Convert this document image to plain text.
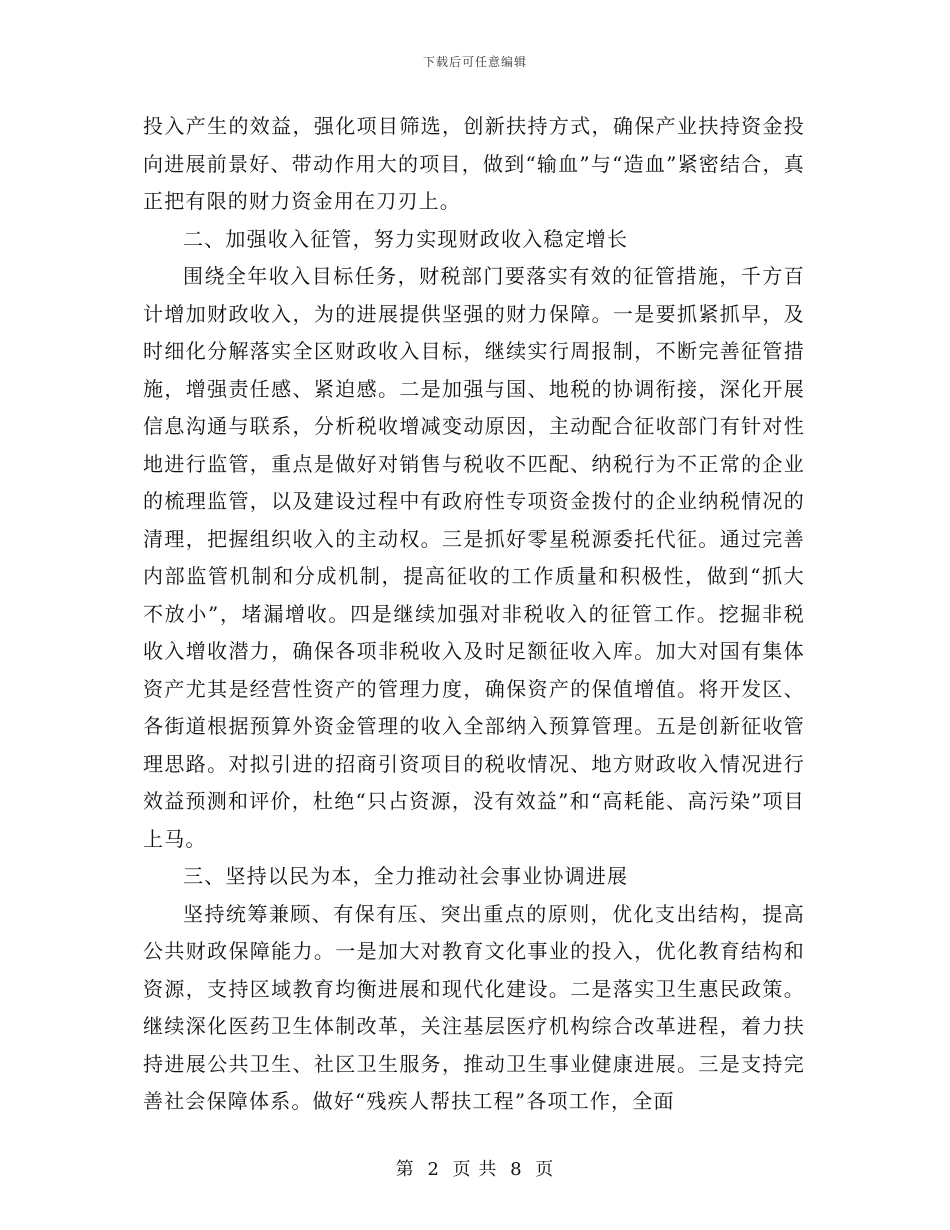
下载后可任意编辑

投入产生的效益，强化项目筛选，创新扶持方式，确保产业扶持资金投向进展前景好、带动作用大的项目，做到“输血”与“造血”紧密结合，真正把有限的财力资金用在刀刃上。

二、加强收入征管，努力实现财政收入稳定增长

围绕全年收入目标任务，财税部门要落实有效的征管措施，千方百计增加财政收入，为的进展提供坚强的财力保障。一是要抓紧抓早，及时细化分解落实全区财政收入目标，继续实行周报制，不断完善征管措施，增强责任感、紧迫感。二是加强与国、地税的协调衔接，深化开展信息沟通与联系，分析税收增减变动原因，主动配合征收部门有针对性地进行监管，重点是做好对销售与税收不匹配、纳税行为不正常的企业的梳理监管，以及建设过程中有政府性专项资金拨付的企业纳税情况的清理，把握组织收入的主动权。三是抓好零星税源委托代征。通过完善内部监管机制和分成机制，提高征收的工作质量和积极性，做到“抓大不放小”，堵漏增收。四是继续加强对非税收入的征管工作。挖掘非税收入增收潜力，确保各项非税收入及时足额征收入库。加大对国有集体资产尤其是经营性资产的管理力度，确保资产的保值增值。将开发区、各街道根据预算外资金管理的收入全部纳入预算管理。五是创新征收管理思路。对拟引进的招商引资项目的税收情况、地方财政收入情况进行效益预测和评价，杜绝“只占资源，没有效益”和“高耗能、高污染”项目上马。

三、坚持以民为本，全力推动社会事业协调进展

坚持统筹兼顾、有保有压、突出重点的原则，优化支出结构，提高公共财政保障能力。一是加大对教育文化事业的投入，优化教育结构和资源，支持区域教育均衡进展和现代化建设。二是落实卫生惠民政策。继续深化医药卫生体制改革，关注基层医疗机构综合改革进程，着力扶持进展公共卫生、社区卫生服务，推动卫生事业健康进展。三是支持完善社会保障体系。做好“残疾人帮扶工程”各项工作，全面

第 2 页 共 8 页
